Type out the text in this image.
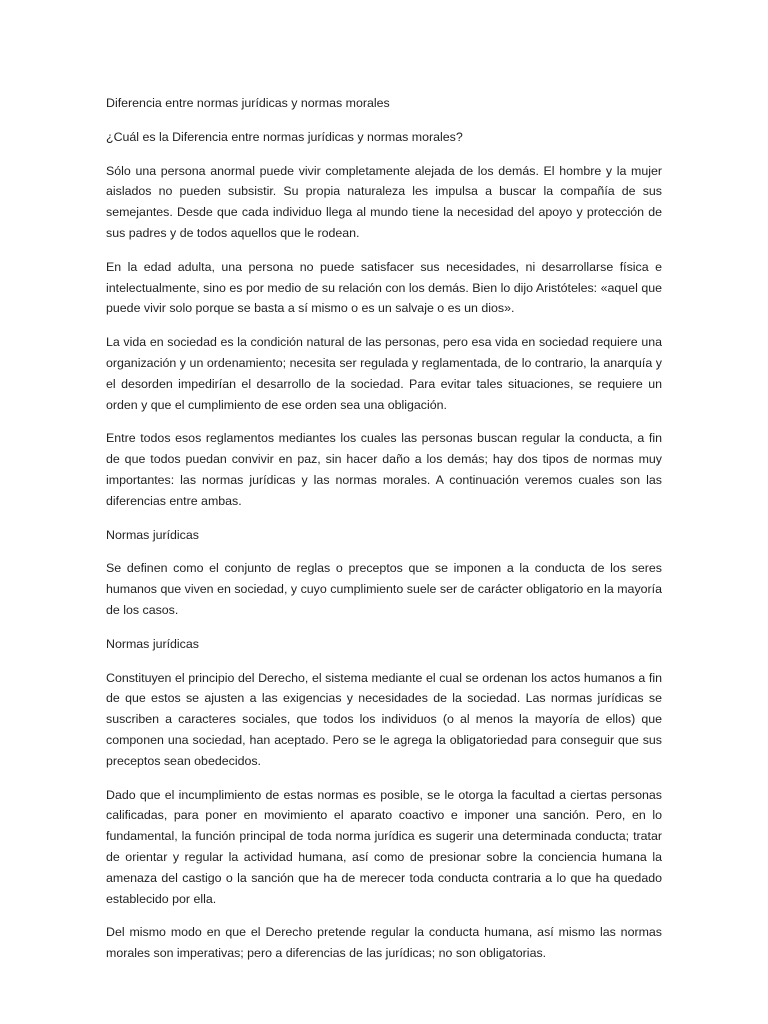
Diferencia entre normas jurídicas y normas morales

¿Cuál es la Diferencia entre normas jurídicas y normas morales?

Sólo una persona anormal puede vivir completamente alejada de los demás. El hombre y la mujer aislados no pueden subsistir. Su propia naturaleza les impulsa a buscar la compañía de sus semejantes. Desde que cada individuo llega al mundo tiene la necesidad del apoyo y protección de sus padres y de todos aquellos que le rodean.

En la edad adulta, una persona no puede satisfacer sus necesidades, ni desarrollarse física e intelectualmente, sino es por medio de su relación con los demás. Bien lo dijo Aristóteles: «aquel que puede vivir solo porque se basta a sí mismo o es un salvaje o es un dios».

La vida en sociedad es la condición natural de las personas, pero esa vida en sociedad requiere una organización y un ordenamiento; necesita ser regulada y reglamentada, de lo contrario, la anarquía y el desorden impedirían el desarrollo de la sociedad. Para evitar tales situaciones, se requiere un orden y que el cumplimiento de ese orden sea una obligación.

Entre todos esos reglamentos mediantes los cuales las personas buscan regular la conducta, a fin de que todos puedan convivir en paz, sin hacer daño a los demás; hay dos tipos de normas muy importantes: las normas jurídicas y las normas morales. A continuación veremos cuales son las diferencias entre ambas.

Normas jurídicas

Se definen como el conjunto de reglas o preceptos que se imponen a la conducta de los seres humanos que viven en sociedad, y cuyo cumplimiento suele ser de carácter obligatorio en la mayoría de los casos.

Normas jurídicas

Constituyen el principio del Derecho, el sistema mediante el cual se ordenan los actos humanos a fin de que estos se ajusten a las exigencias y necesidades de la sociedad. Las normas jurídicas se suscriben a caracteres sociales, que todos los individuos (o al menos la mayoría de ellos) que componen una sociedad, han aceptado. Pero se le agrega la obligatoriedad para conseguir que sus preceptos sean obedecidos.

Dado que el incumplimiento de estas normas es posible, se le otorga la facultad a ciertas personas calificadas, para poner en movimiento el aparato coactivo e imponer una sanción. Pero, en lo fundamental, la función principal de toda norma jurídica es sugerir una determinada conducta; tratar de orientar y regular la actividad humana, así como de presionar sobre la conciencia humana la amenaza del castigo o la sanción que ha de merecer toda conducta contraria a lo que ha quedado establecido por ella.

Del mismo modo en que el Derecho pretende regular la conducta humana, así mismo las normas morales son imperativas; pero a diferencias de las jurídicas; no son obligatorias.
